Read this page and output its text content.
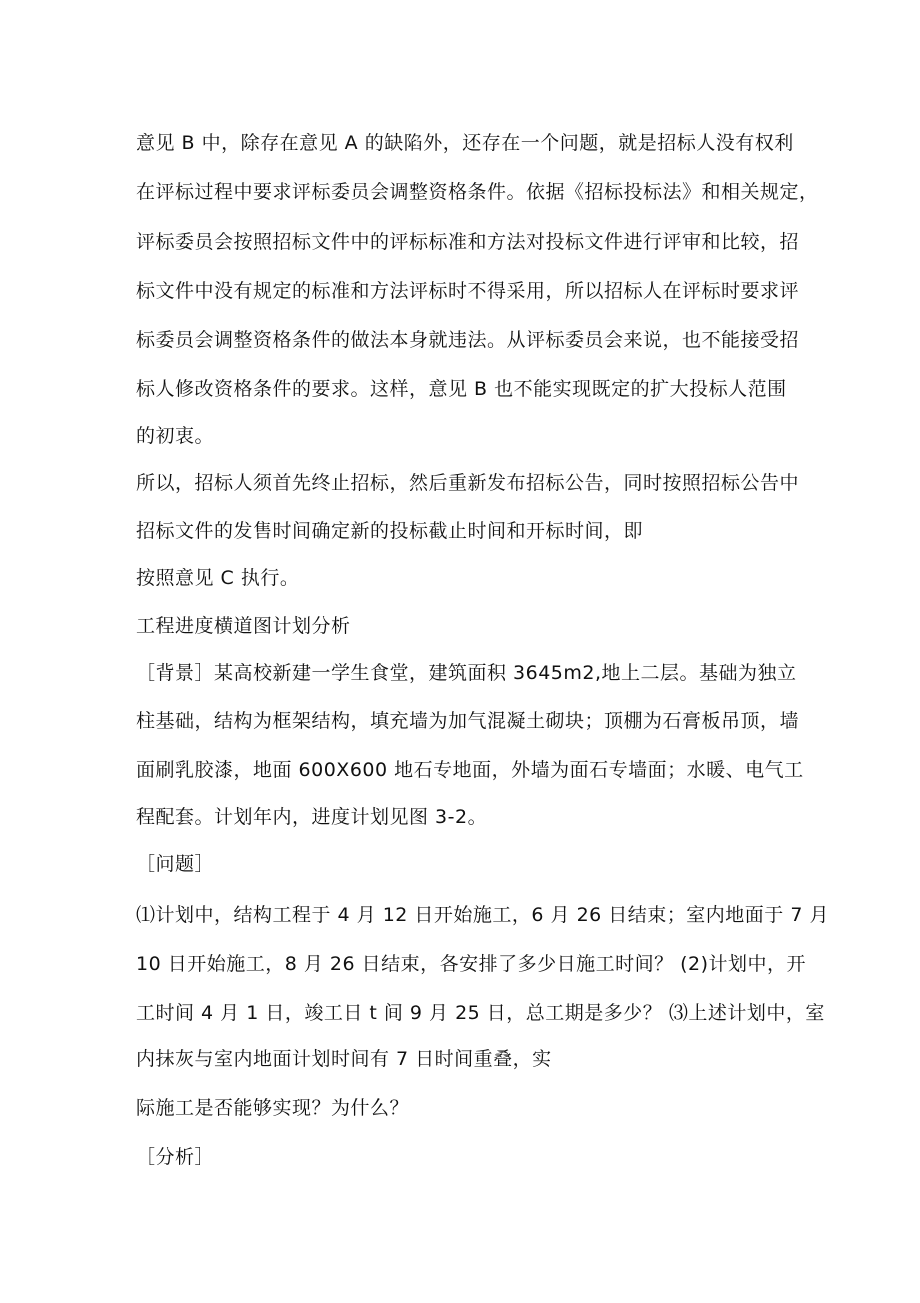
意见 B 中，除存在意见 A 的缺陷外，还存在一个问题，就是招标人没有权利
在评标过程中要求评标委员会调整资格条件。依据《招标投标法》和相关规定，
评标委员会按照招标文件中的评标标准和方法对投标文件进行评审和比较，招
标文件中没有规定的标准和方法评标时不得采用，所以招标人在评标时要求评
标委员会调整资格条件的做法本身就违法。从评标委员会来说，也不能接受招
标人修改资格条件的要求。这样，意见 B 也不能实现既定的扩大投标人范围
的初衷。
所以，招标人须首先终止招标，然后重新发布招标公告，同时按照招标公告中
招标文件的发售时间确定新的投标截止时间和开标时间，即
按照意见 C 执行。
工程进度横道图计划分析
［背景］某高校新建一学生食堂，建筑面积 3645m2,地上二层。基础为独立
柱基础，结构为框架结构，填充墙为加气混凝土砌块；顶棚为石膏板吊顶，墙
面刷乳胶漆，地面 600X600 地石专地面，外墙为面石专墙面；水暖、电气工
程配套。计划年内，进度计划见图 3-2。
［问题］
⑴计划中，结构工程于 4 月 12 日开始施工，6 月 26 日结束；室内地面于 7 月
10 日开始施工，8 月 26 日结束，各安排了多少日施工时间？ (2)计划中，开
工时间 4 月 1 日，竣工日 t 间 9 月 25 日，总工期是多少？ ⑶上述计划中，室
内抹灰与室内地面计划时间有 7 日时间重叠，实
际施工是否能够实现？为什么？
［分析］
